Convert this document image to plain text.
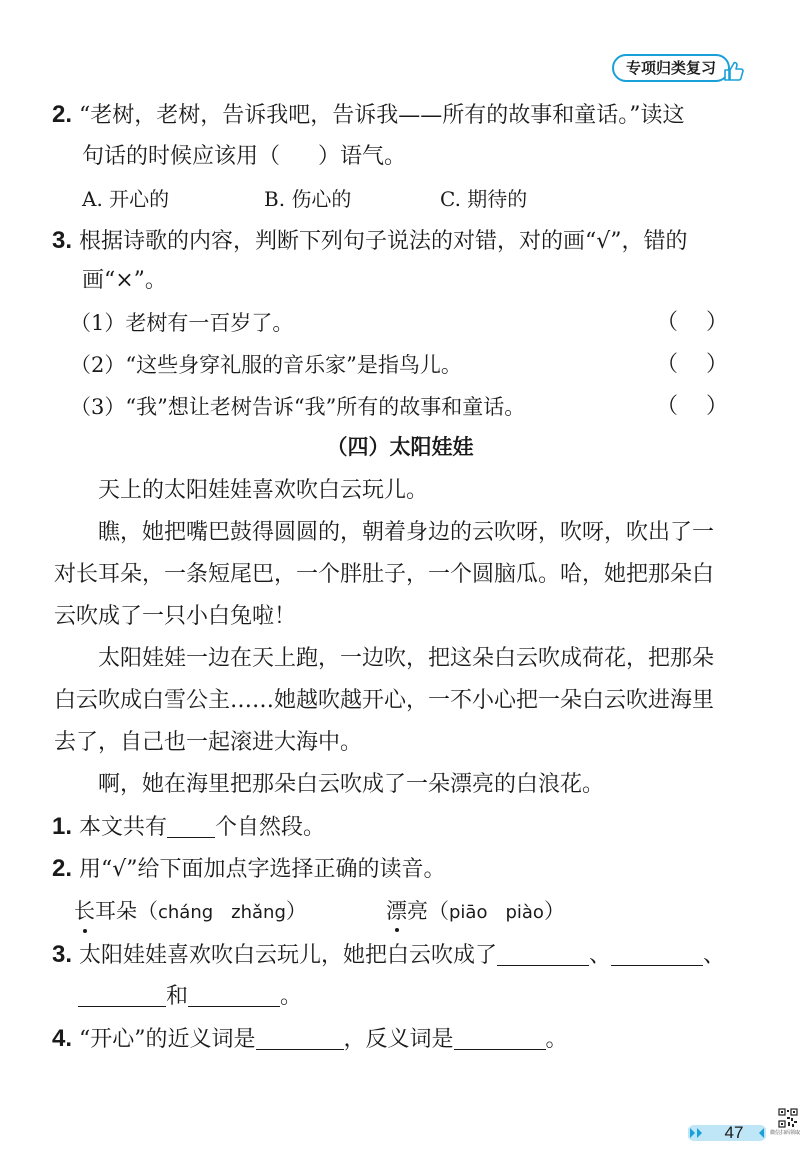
专项归类复习
2. “老树，老树，告诉我吧，告诉我——所有的故事和童话。”读这
句话的时候应该用（ ）语气。
A. 开心的	B. 伤心的	C. 期待的
3. 根据诗歌的内容，判断下列句子说法的对错，对的画“√”，错的
画“×”。
（1）老树有一百岁了。	（ ）
（2）“这些身穿礼服的音乐家”是指鸟儿。	（ ）
（3）“我”想让老树告诉“我”所有的故事和童话。	（ ）
（四）太阳娃娃
天上的太阳娃娃喜欢吹白云玩儿。
瞧，她把嘴巴鼓得圆圆的，朝着身边的云吹呀，吹呀，吹出了一
对长耳朵，一条短尾巴，一个胖肚子，一个圆脑瓜。哈，她把那朵白
云吹成了一只小白兔啦！
太阳娃娃一边在天上跑，一边吹，把这朵白云吹成荷花，把那朵
白云吹成白雪公主……她越吹越开心，一不小心把一朵白云吹进海里
去了，自己也一起滚进大海中。
啊，她在海里把那朵白云吹成了一朵漂亮的白浪花。
1. 本文共有 个自然段。
2. 用“√”给下面加点字选择正确的读音。
长耳朵（cháng　zhǎng）	漂亮（piāo　piào）
3. 太阳娃娃喜欢吹白云玩儿，她把白云吹成了	、	、
和	。
4. “开心”的近义词是	，反义词是	。
47	微信扫码领取
